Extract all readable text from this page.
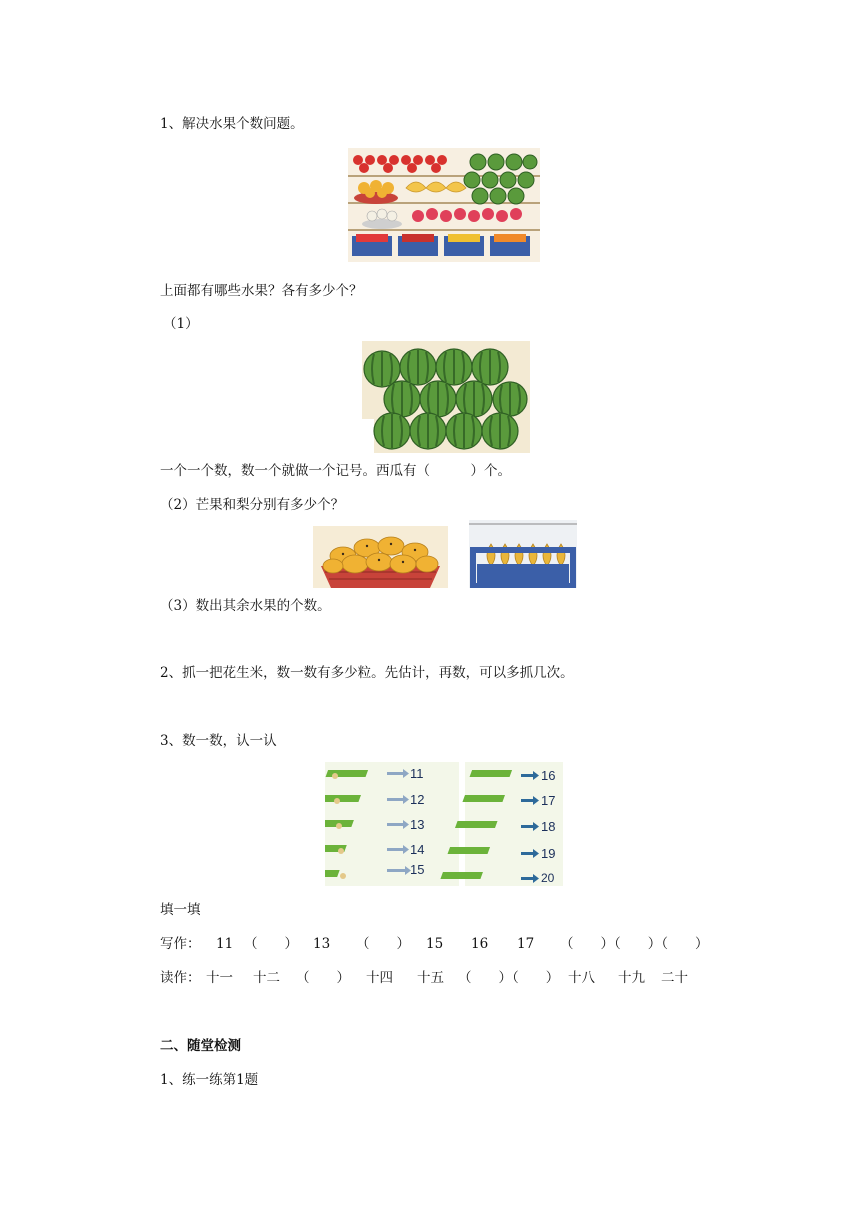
1、解决水果个数问题。
上面都有哪些水果？各有多少个？
（1）
一个一个数，数一个就做一个记号。西瓜有（　　　）个。
（2）芒果和梨分别有多少个？
（3）数出其余水果的个数。
2、抓一把花生米，数一数有多少粒。先估计，再数，可以多抓几次。
3、数一数，认一认
11
12
13
14
15
16
17
18
19
20
填一填

写作：

11

（　　）

13

（　　）

15

16

17

（　　）（　　）（　　）

读作：

十一

十二

（　　）

十四

十五

（　　）（　　）

十八

十九

二十

二、随堂检测
1、练一练第1题
